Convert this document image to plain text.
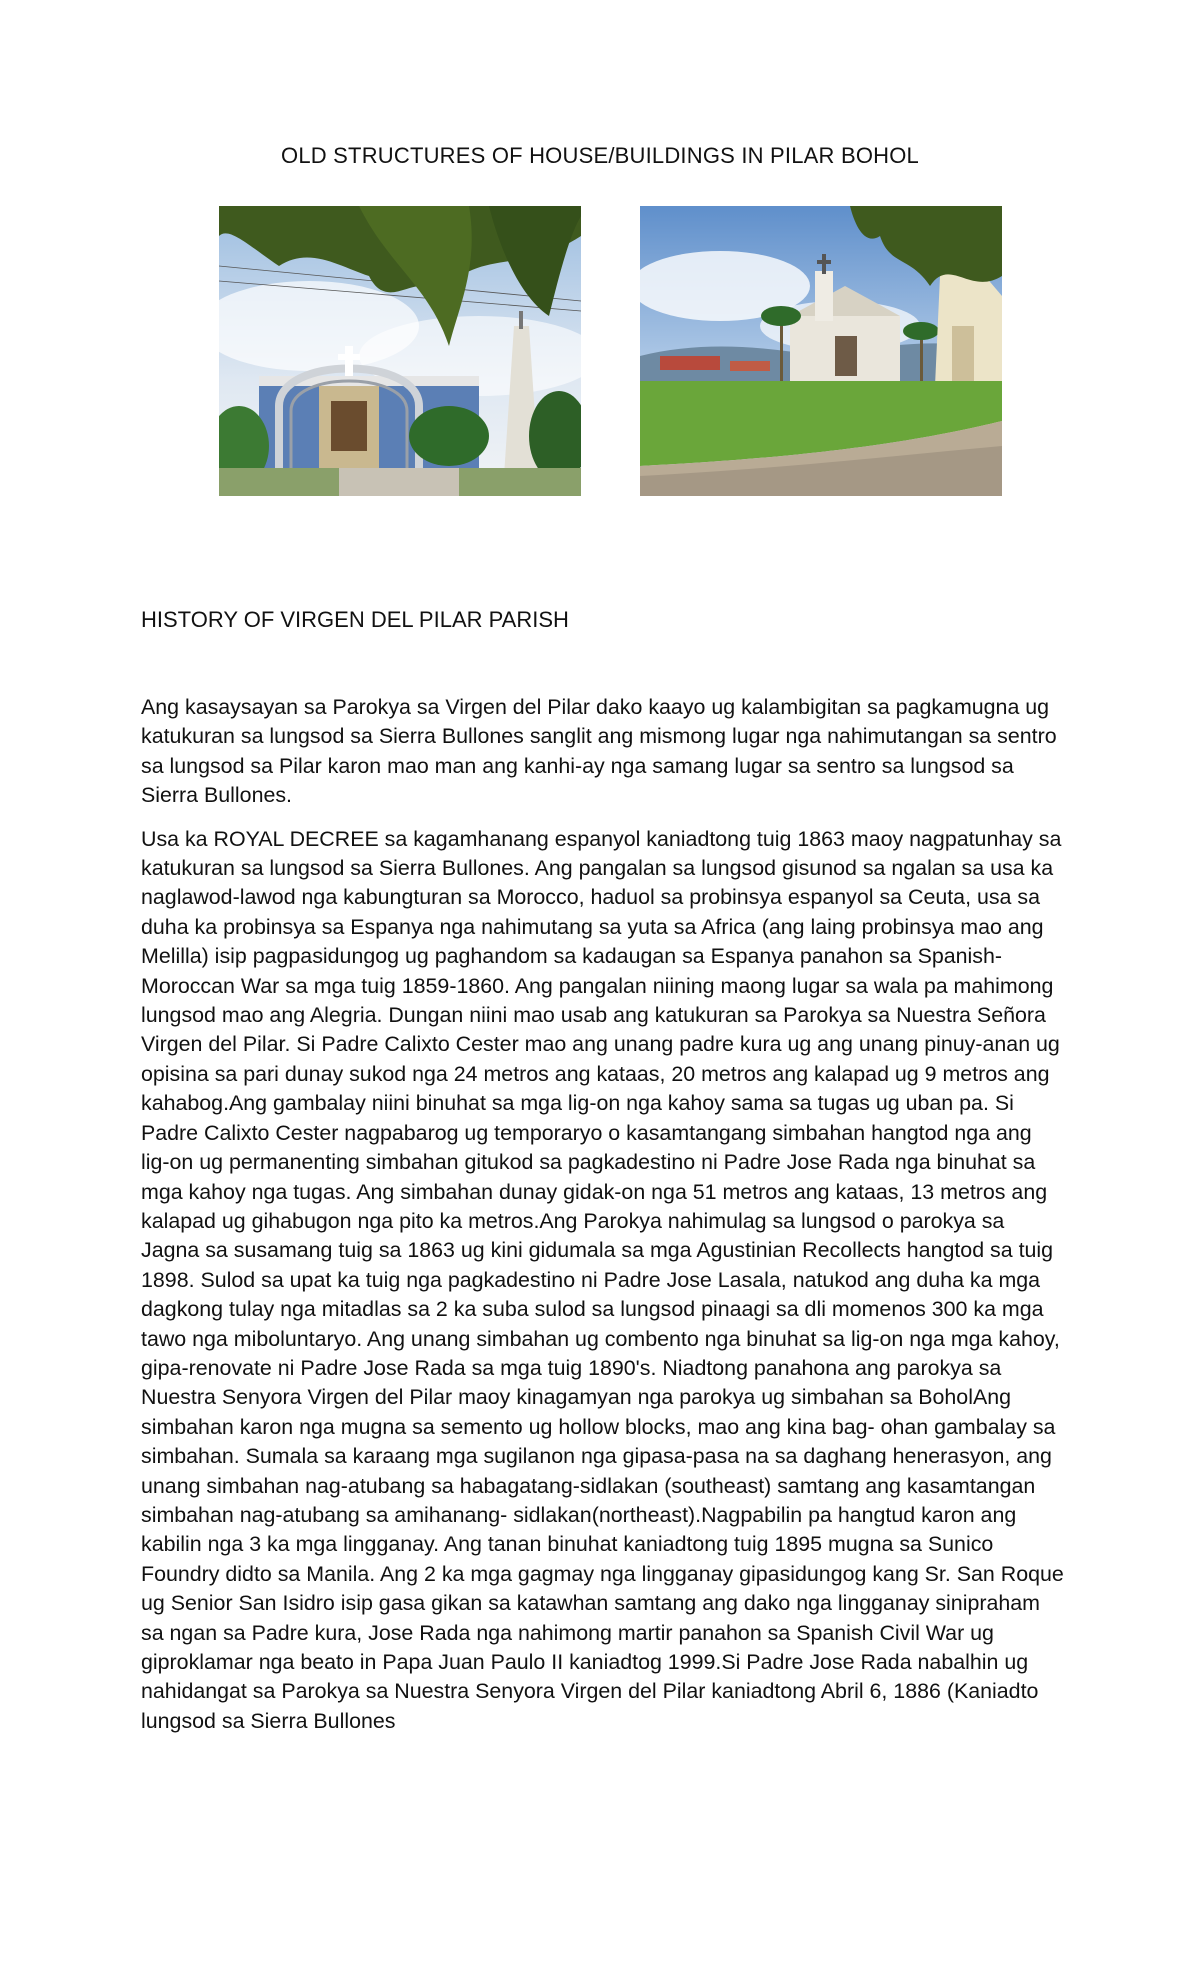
OLD STRUCTURES OF HOUSE/BUILDINGS IN PILAR BOHOL
HISTORY OF VIRGEN DEL PILAR PARISH

Ang kasaysayan sa Parokya sa Virgen del Pilar dako kaayo ug kalambigitan sa pagkamugna ug katukuran sa lungsod sa Sierra Bullones sanglit ang mismong lugar nga nahimutangan sa sentro sa lungsod sa Pilar karon mao man ang kanhi-ay nga samang lugar sa sentro sa lungsod sa Sierra Bullones.

Usa ka ROYAL DECREE sa kagamhanang espanyol kaniadtong tuig 1863 maoy nagpatunhay sa katukuran sa lungsod sa Sierra Bullones. Ang pangalan sa lungsod gisunod sa ngalan sa usa ka naglawod-lawod nga kabungturan sa Morocco, haduol sa probinsya espanyol sa Ceuta, usa sa duha ka probinsya sa Espanya nga nahimutang sa yuta sa Africa (ang laing probinsya mao ang Melilla) isip pagpasidungog ug paghandom sa kadaugan sa Espanya panahon sa Spanish-Moroccan War sa mga tuig 1859-1860. Ang pangalan niining maong lugar sa wala pa mahimong lungsod mao ang Alegria. Dungan niini mao usab ang katukuran sa Parokya sa Nuestra Señora Virgen del Pilar. Si Padre Calixto Cester mao ang unang padre kura ug ang unang pinuy-anan ug opisina sa pari dunay sukod nga 24 metros ang kataas, 20 metros ang kalapad ug 9 metros ang kahabog.Ang gambalay niini binuhat sa mga lig-on nga kahoy sama sa tugas ug uban pa. Si Padre Calixto Cester nagpabarog ug temporaryo o kasamtangang simbahan hangtod nga ang lig-on ug permanenting simbahan gitukod sa pagkadestino ni Padre Jose Rada nga binuhat sa mga kahoy nga tugas. Ang simbahan dunay gidak-on nga 51 metros ang kataas, 13 metros ang kalapad ug gihabugon nga pito ka metros.Ang Parokya nahimulag sa lungsod o parokya sa Jagna sa susamang tuig sa 1863 ug kini gidumala sa mga Agustinian Recollects hangtod sa tuig 1898. Sulod sa upat ka tuig nga pagkadestino ni Padre Jose Lasala, natukod ang duha ka mga dagkong tulay nga mitadlas sa 2 ka suba sulod sa lungsod pinaagi sa dli momenos 300 ka mga tawo nga miboluntaryo. Ang unang simbahan ug combento nga binuhat sa lig-on nga mga kahoy, gipa-renovate ni Padre Jose Rada sa mga tuig 1890's. Niadtong panahona ang parokya sa Nuestra Senyora Virgen del Pilar maoy kinagamyan nga parokya ug simbahan sa BoholAng simbahan karon nga mugna sa semento ug hollow blocks, mao ang kina bag- ohan gambalay sa simbahan. Sumala sa karaang mga sugilanon nga gipasa-pasa na sa daghang henerasyon, ang unang simbahan nag-atubang sa habagatang-sidlakan (southeast) samtang ang kasamtangan simbahan nag-atubang sa amihanang- sidlakan(northeast).Nagpabilin pa hangtud karon ang kabilin nga 3 ka mga lingganay. Ang tanan binuhat kaniadtong tuig 1895 mugna sa Sunico Foundry didto sa Manila. Ang 2 ka mga gagmay nga lingganay gipasidungog kang Sr. San Roque ug Senior San Isidro isip gasa gikan sa katawhan samtang ang dako nga lingganay sinipraham sa ngan sa Padre kura, Jose Rada nga nahimong martir panahon sa Spanish Civil War ug giproklamar nga beato in Papa Juan Paulo II kaniadtog 1999.Si Padre Jose Rada nabalhin ug nahidangat sa Parokya sa Nuestra Senyora Virgen del Pilar kaniadtong Abril 6, 1886 (Kaniadto lungsod sa Sierra Bullones
